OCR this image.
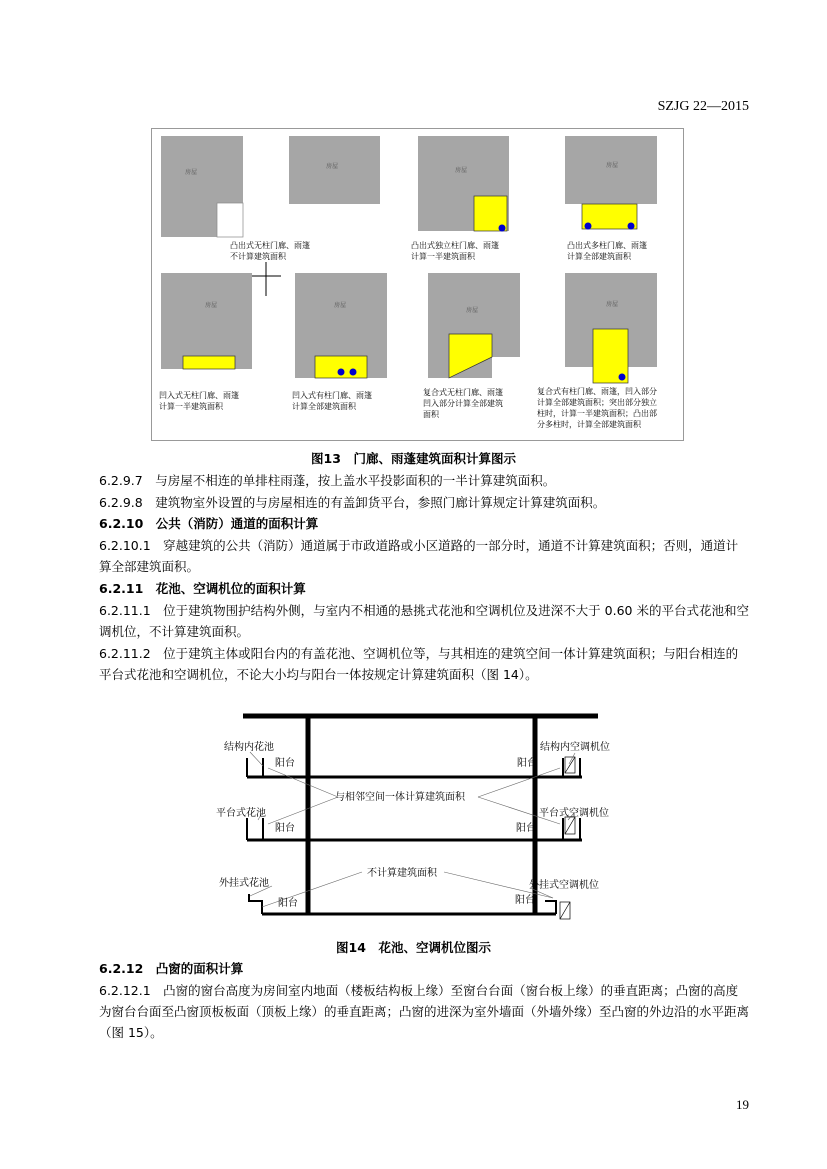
SZJG 22—2015
房屋
房屋
房屋
房屋
房屋	房屋
房屋
房屋
凸出式无柱门廊、雨篷
不计算建筑面积
凸出式独立柱门廊、雨篷
计算一半建筑面积
凸出式多柱门廊、雨篷
计算全部建筑面积
凹入式无柱门廊、雨篷
计算一半建筑面积
凹入式有柱门廊、雨篷
计算全部建筑面积
复合式无柱门廊、雨篷
凹入部分计算全部建筑
面积
复合式有柱门廊、雨篷，凹入部分
计算全部建筑面积；突出部分独立
柱时，计算一半建筑面积；凸出部
分多柱时，计算全部建筑面积
图13　门廊、雨蓬建筑面积计算图示
6.2.9.7　与房屋不相连的单排柱雨蓬，按上盖水平投影面积的一半计算建筑面积。
6.2.9.8　建筑物室外设置的与房屋相连的有盖卸货平台，参照门廊计算规定计算建筑面积。
6.2.10　公共（消防）通道的面积计算
6.2.10.1　穿越建筑的公共（消防）通道属于市政道路或小区道路的一部分时，通道不计算建筑面积；否则，通道计算全部建筑面积。
6.2.11　花池、空调机位的面积计算
6.2.11.1　位于建筑物围护结构外侧，与室内不相通的悬挑式花池和空调机位及进深不大于 0.60 米的平台式花池和空调机位，不计算建筑面积。
6.2.11.2　位于建筑主体或阳台内的有盖花池、空调机位等，与其相连的建筑空间一体计算建筑面积；与阳台相连的平台式花池和空调机位，不论大小均与阳台一体按规定计算建筑面积（图 14）。
结构内花池
阳台
结构内空调机位
阳台
与相邻空间一体计算建筑面积
平台式花池	平台式空调机位
阳台	阳台
不计算建筑面积
外挂式花池	外挂式空调机位
阳台	阳台
图14　花池、空调机位图示
6.2.12　凸窗的面积计算
6.2.12.1　凸窗的窗台高度为房间室内地面（楼板结构板上缘）至窗台台面（窗台板上缘）的垂直距离；凸窗的高度为窗台台面至凸窗顶板板面（顶板上缘）的垂直距离；凸窗的进深为室外墙面（外墙外缘）至凸窗的外边沿的水平距离（图 15）。
19
